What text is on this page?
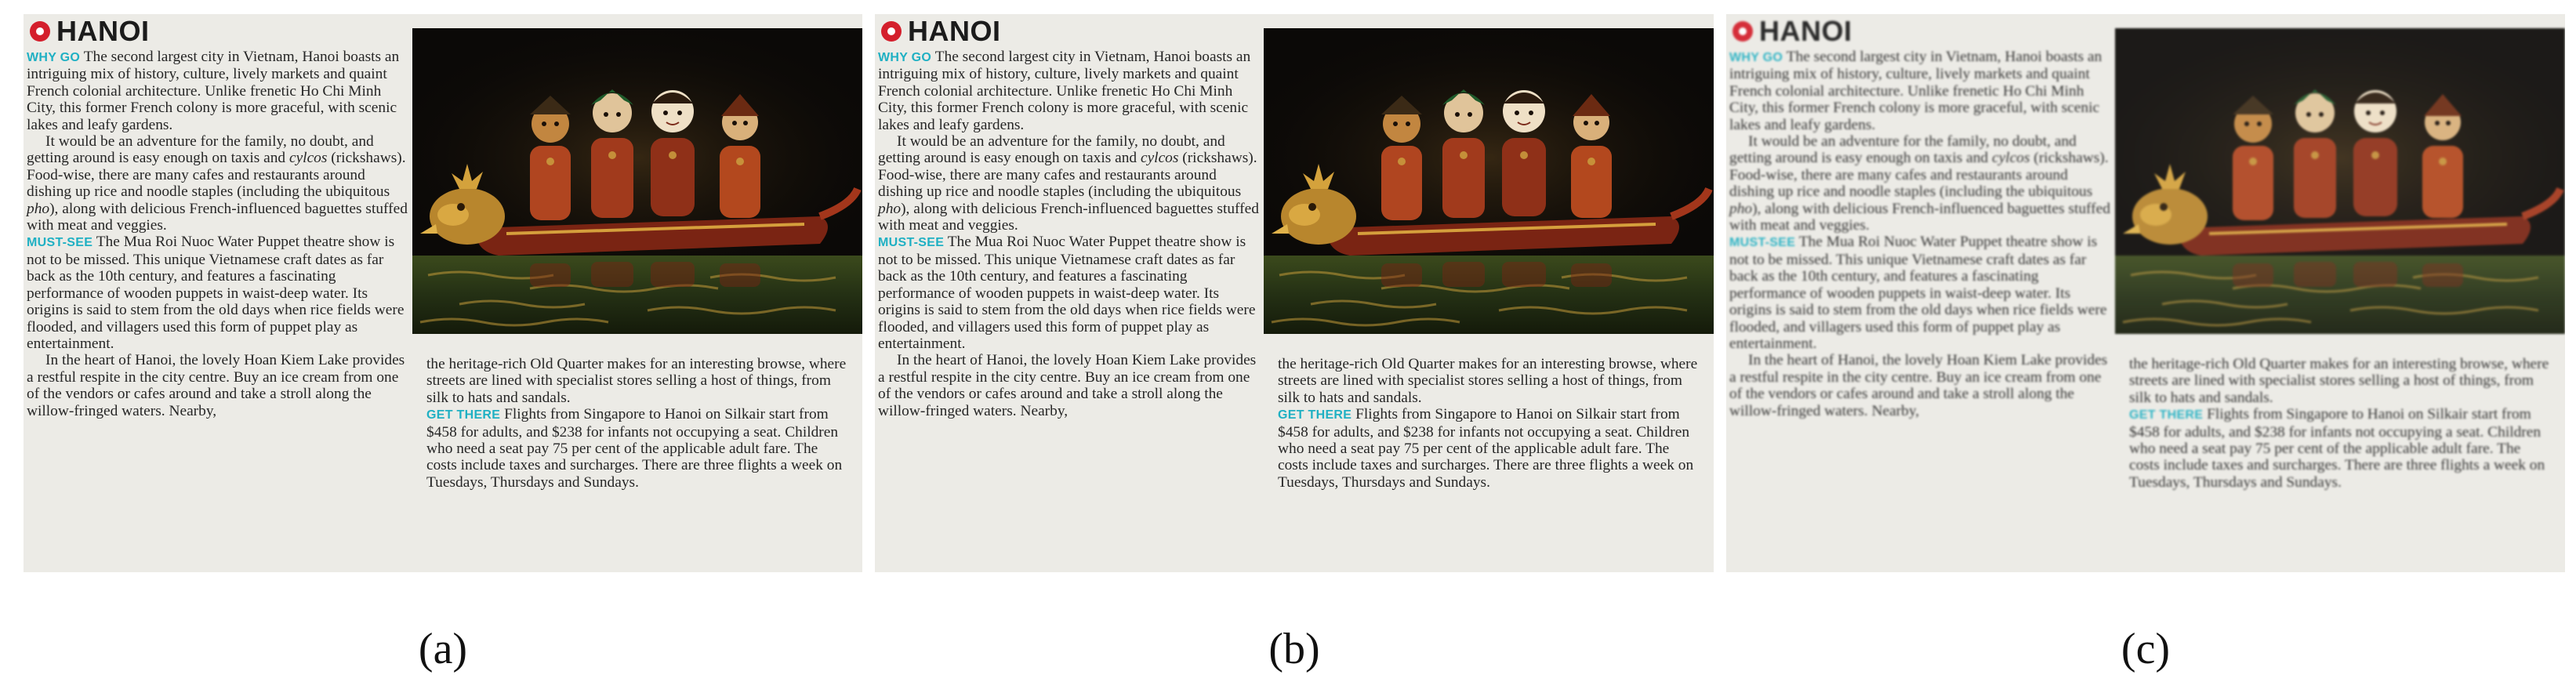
HANOI

WHY GO The second largest city in Vietnam, Hanoi boasts an intriguing mix of history, culture, lively markets and quaint French colonial architecture. Unlike frenetic Ho Chi Minh City, this former French colony is more graceful, with scenic lakes and leafy gardens.

It would be an adventure for the family, no doubt, and getting around is easy enough on taxis and cylcos (rickshaws). Food-wise, there are many cafes and restaurants around dishing up rice and noodle staples (including the ubiquitous pho), along with delicious French-influenced baguettes stuffed with meat and veggies.

MUST-SEE The Mua Roi Nuoc Water Puppet theatre show is not to be missed. This unique Vietnamese craft dates as far back as the 10th century, and features a fascinating performance of wooden puppets in waist-deep water. Its origins is said to stem from the old days when rice fields were flooded, and villagers used this form of puppet play as entertainment.

In the heart of Hanoi, the lovely Hoan Kiem Lake provides a restful respite in the city centre. Buy an ice cream from one of the vendors or cafes around and take a stroll along the willow-fringed waters. Nearby,

the heritage-rich Old Quarter makes for an interesting browse, where streets are lined with specialist stores selling a host of things, from silk to hats and sandals.

GET THERE Flights from Singapore to Hanoi on Silkair start from $458 for adults, and $238 for infants not occupying a seat. Children who need a seat pay 75 per cent of the applicable adult fare. The costs include taxes and surcharges. There are three flights a week on Tuesdays, Thursdays and Sundays.

HANOI

WHY GO The second largest city in Vietnam, Hanoi boasts an intriguing mix of history, culture, lively markets and quaint French colonial architecture. Unlike frenetic Ho Chi Minh City, this former French colony is more graceful, with scenic lakes and leafy gardens.

It would be an adventure for the family, no doubt, and getting around is easy enough on taxis and cylcos (rickshaws). Food-wise, there are many cafes and restaurants around dishing up rice and noodle staples (including the ubiquitous pho), along with delicious French-influenced baguettes stuffed with meat and veggies.

MUST-SEE The Mua Roi Nuoc Water Puppet theatre show is not to be missed. This unique Vietnamese craft dates as far back as the 10th century, and features a fascinating performance of wooden puppets in waist-deep water. Its origins is said to stem from the old days when rice fields were flooded, and villagers used this form of puppet play as entertainment.

In the heart of Hanoi, the lovely Hoan Kiem Lake provides a restful respite in the city centre. Buy an ice cream from one of the vendors or cafes around and take a stroll along the willow-fringed waters. Nearby,

the heritage-rich Old Quarter makes for an interesting browse, where streets are lined with specialist stores selling a host of things, from silk to hats and sandals.

GET THERE Flights from Singapore to Hanoi on Silkair start from $458 for adults, and $238 for infants not occupying a seat. Children who need a seat pay 75 per cent of the applicable adult fare. The costs include taxes and surcharges. There are three flights a week on Tuesdays, Thursdays and Sundays.

HANOI

WHY GO The second largest city in Vietnam, Hanoi boasts an intriguing mix of history, culture, lively markets and quaint French colonial architecture. Unlike frenetic Ho Chi Minh City, this former French colony is more graceful, with scenic lakes and leafy gardens.

It would be an adventure for the family, no doubt, and getting around is easy enough on taxis and cylcos (rickshaws). Food-wise, there are many cafes and restaurants around dishing up rice and noodle staples (including the ubiquitous pho), along with delicious French-influenced baguettes stuffed with meat and veggies.

MUST-SEE The Mua Roi Nuoc Water Puppet theatre show is not to be missed. This unique Vietnamese craft dates as far back as the 10th century, and features a fascinating performance of wooden puppets in waist-deep water. Its origins is said to stem from the old days when rice fields were flooded, and villagers used this form of puppet play as entertainment.

In the heart of Hanoi, the lovely Hoan Kiem Lake provides a restful respite in the city centre. Buy an ice cream from one of the vendors or cafes around and take a stroll along the willow-fringed waters. Nearby,

the heritage-rich Old Quarter makes for an interesting browse, where streets are lined with specialist stores selling a host of things, from silk to hats and sandals.

GET THERE Flights from Singapore to Hanoi on Silkair start from $458 for adults, and $238 for infants not occupying a seat. Children who need a seat pay 75 per cent of the applicable adult fare. The costs include taxes and surcharges. There are three flights a week on Tuesdays, Thursdays and Sundays.

(a)	(b)	(c)
